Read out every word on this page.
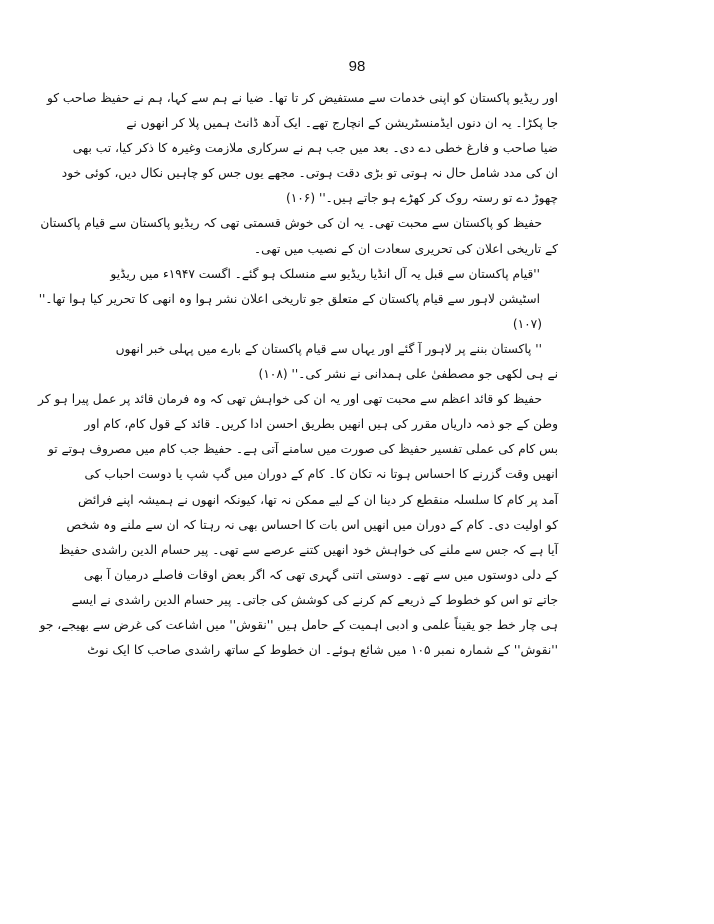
98
اور ریڈیو پاکستان کو اپنی خدمات سے مستفیض کر تا تھا۔ ضیا نے ہم سے کہا، ہم نے حفیظ صاحب کو
جا پکڑا۔ یہ ان دنوں ایڈمنسٹریشن کے انچارج تھے۔ ایک آدھ ڈانٹ ہمیں پلا کر انھوں نے
ضیا صاحب و فارغ خطی دے دی۔ بعد میں جب ہم نے سرکاری ملازمت وغیرہ کا ذکر کیا، تب بھی
ان کی مدد شامل حال نہ ہوتی تو بڑی دقت ہوتی۔ مجھے یوں جس کو چاہیں نکال دیں، کوئی خود
چھوڑ دے تو رستہ روک کر کھڑے ہو جاتے ہیں۔'' (۱۰۶)
حفیظ کو پاکستان سے محبت تھی۔ یہ ان کی خوش قسمتی تھی کہ ریڈیو پاکستان سے قیام پاکستان
کے تاریخی اعلان کی تحریری سعادت ان کے نصیب میں تھی۔
''قیام پاکستان سے قبل یہ آل انڈیا ریڈیو سے منسلک ہو گئے۔ اگست ۱۹۴۷ء میں ریڈیو
اسٹیشن لاہور سے قیام پاکستان کے متعلق جو تاریخی اعلان نشر ہوا وہ انھی کا تحریر کیا ہوا تھا۔''
(۱۰۷)
'' پاکستان بننے پر لاہور آ گئے اور یہاں سے قیام پاکستان کے بارے میں پہلی خبر انھوں
نے ہی لکھی جو مصطفیٰ علی ہمدانی نے نشر کی۔'' (۱۰۸)
حفیظ کو قائد اعظم سے محبت تھی اور یہ ان کی خواہش تھی کہ وہ فرمان قائد پر عمل پیرا ہو کر
وطن کے جو ذمہ داریاں مقرر کی ہیں انھیں بطریق احسن ادا کریں۔ قائد کے قول کام، کام اور
بس کام کی عملی تفسیر حفیظ کی صورت میں سامنے آتی ہے۔ حفیظ جب کام میں مصروف ہوتے تو
انھیں وقت گزرنے کا احساس ہوتا نہ تکان کا۔ کام کے دوران میں گپ شپ یا دوست احباب کی
آمد پر کام کا سلسلہ منقطع کر دینا ان کے لیے ممکن نہ تھا، کیونکہ انھوں نے ہمیشہ اپنے فرائض
کو اولیت دی۔ کام کے دوران میں انھیں اس بات کا احساس بھی نہ رہتا کہ ان سے ملنے وہ شخص
آیا ہے کہ جس سے ملنے کی خواہش خود انھیں کتنے عرصے سے تھی۔ پیر حسام الدین راشدی حفیظ
کے دلی دوستوں میں سے تھے۔ دوستی اتنی گہری تھی کہ اگر بعض اوقات فاصلے درمیان آ بھی
جاتے تو اس کو خطوط کے ذریعے کم کرنے کی کوشش کی جاتی۔ پیر حسام الدین راشدی نے ایسے
ہی چار خط جو یقیناً علمی و ادبی اہمیت کے حامل ہیں ''نقوش'' میں اشاعت کی غرض سے بھیجے، جو
''نقوش'' کے شمارہ نمبر ۱۰۵ میں شائع ہوئے۔ ان خطوط کے ساتھ راشدی صاحب کا ایک نوٹ
